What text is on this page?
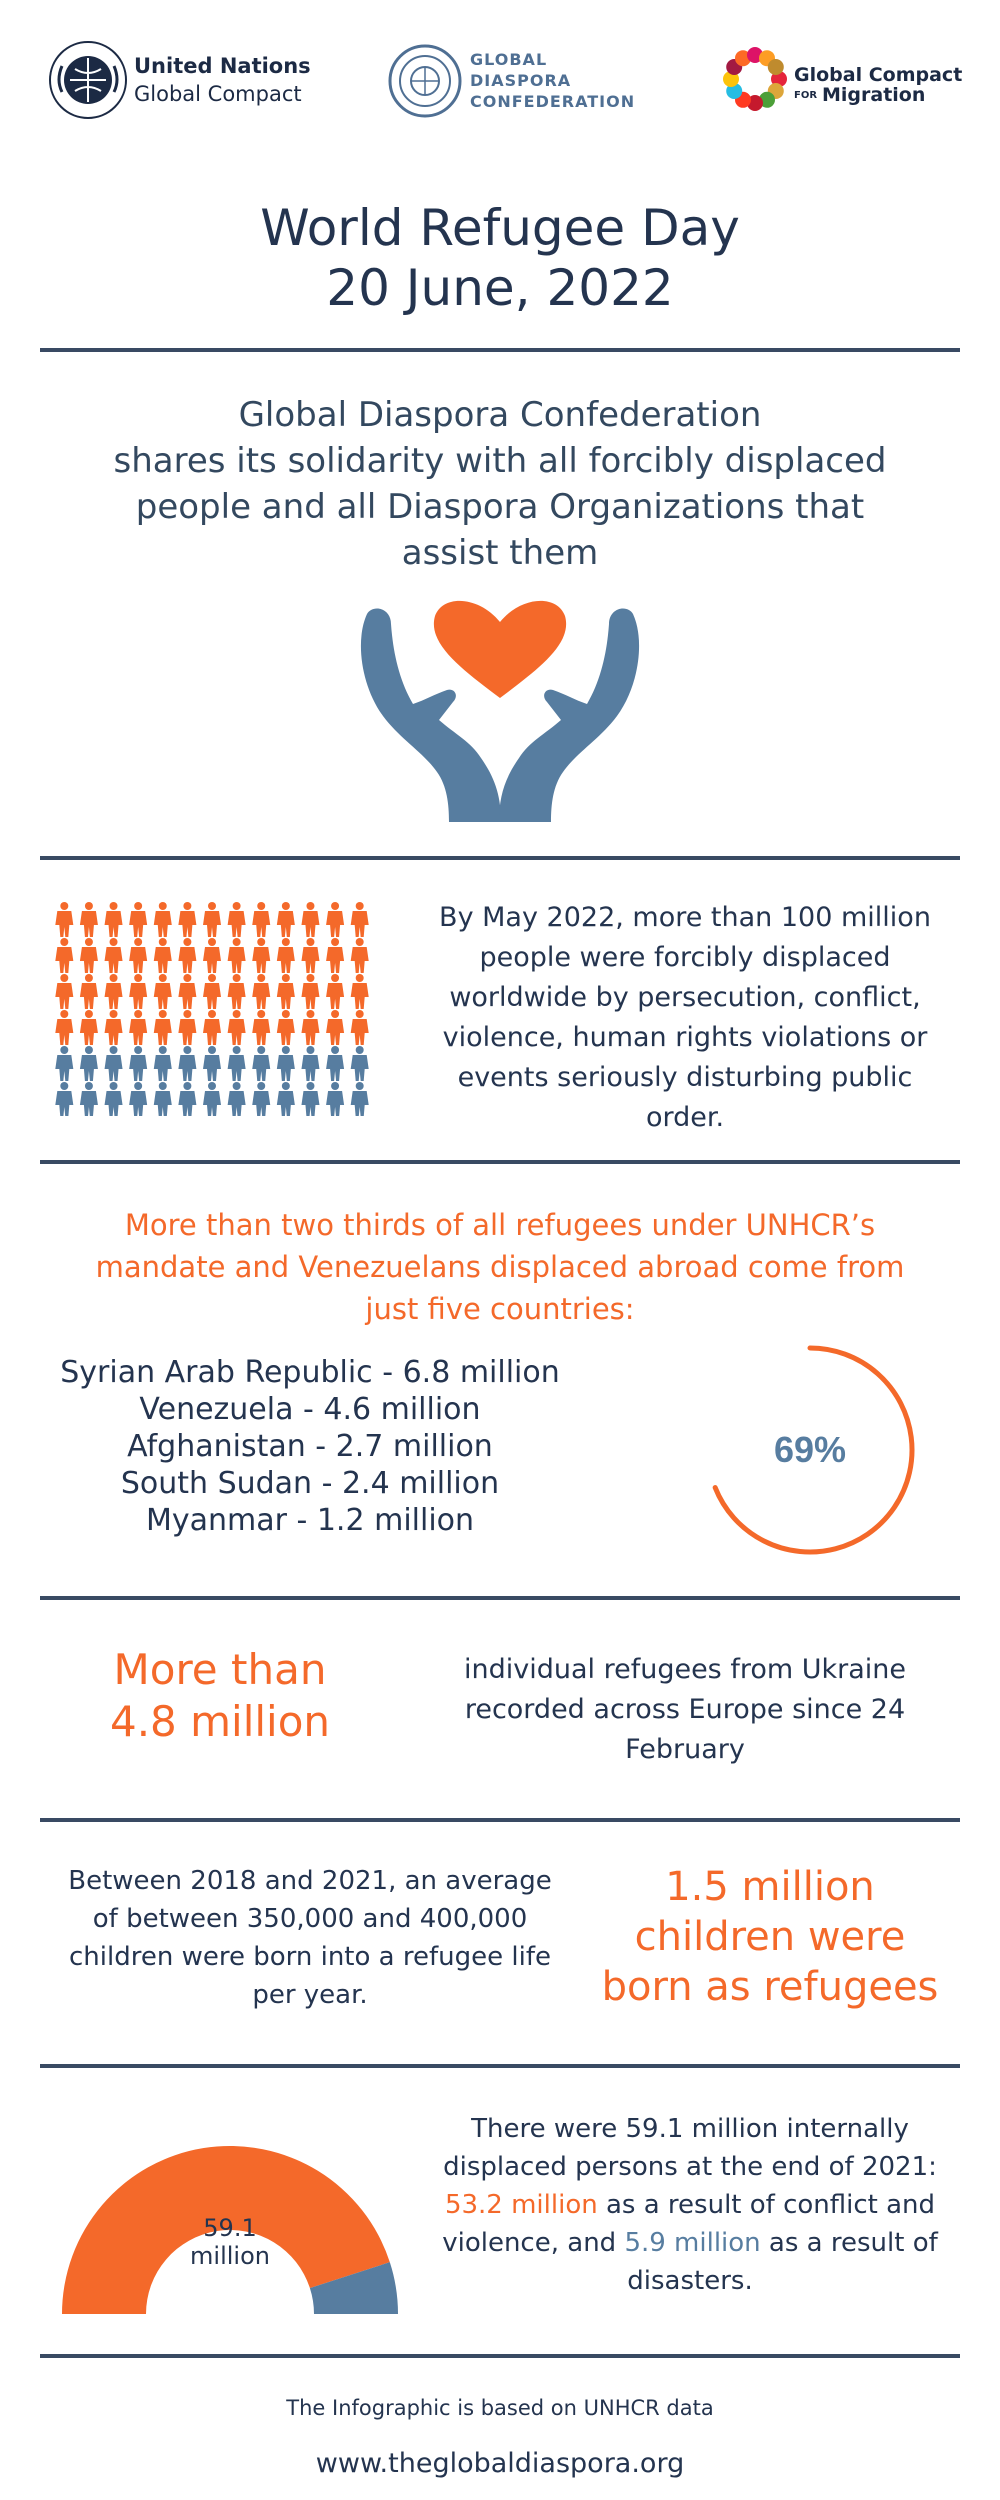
United Nations
Global Compact
GLOBAL
DIASPORA
CONFEDERATION
Global Compact
FOR Migration
World Refugee Day
20 June, 2022
Global Diaspora Confederation
shares its solidarity with all forcibly displaced
people and all Diaspora Organizations that
assist them
By May 2022, more than 100 million
people were forcibly displaced
worldwide by persecution, conflict,
violence, human rights violations or
events seriously disturbing public
order.
More than two thirds of all refugees under UNHCR’s
mandate and Venezuelans displaced abroad come from
just five countries:
Syrian Arab Republic - 6.8 million
Venezuela - 4.6 million
Afghanistan - 2.7 million
South Sudan - 2.4 million
Myanmar - 1.2 million
69%
More than
4.8 million
individual refugees from Ukraine
recorded across Europe since 24
February
Between 2018 and 2021, an average
of between 350,000 and 400,000
children were born into a refugee life
per year.
1.5 million
children were
born as refugees
59.1
million
There were 59.1 million internally
displaced persons at the end of 2021:
53.2 million as a result of conflict and
violence, and 5.9 million as a result of
disasters.
The Infographic is based on UNHCR data
www.theglobaldiaspora.org
